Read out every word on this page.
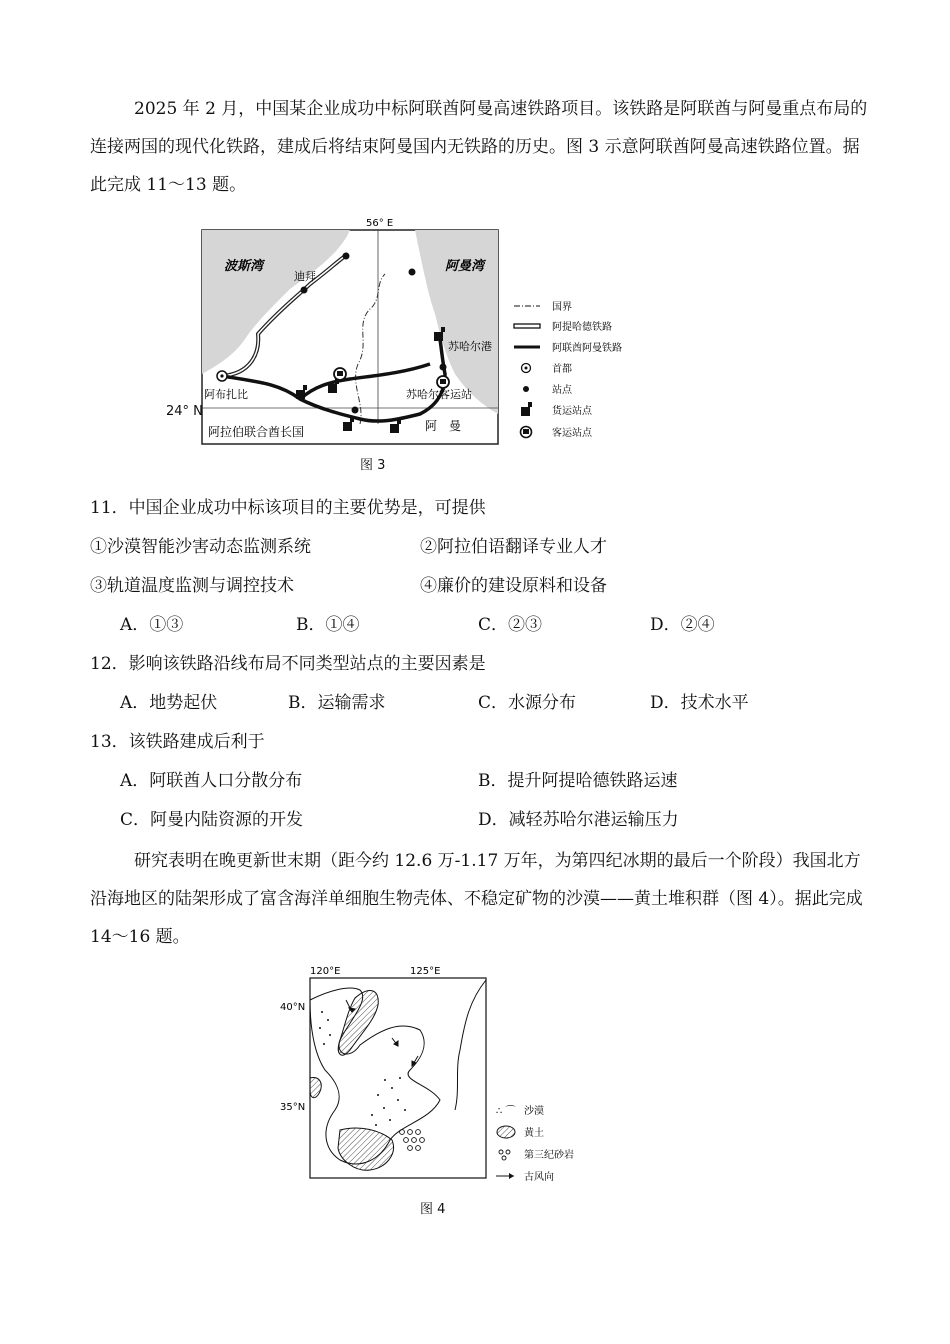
2025 年 2 月，中国某企业成功中标阿联酋阿曼高速铁路项目。该铁路是阿联酋与阿曼重点布局的连接两国的现代化铁路，建成后将结束阿曼国内无铁路的历史。图 3 示意阿联酋阿曼高速铁路位置。据此完成 11～13 题。
56° E
波斯湾	阿曼湾
迪拜
阿布扎比
苏哈尔港
苏哈尔客运站
阿拉伯联合酋长国	阿　曼
国界
阿提哈德铁路
阿联酋阿曼铁路
首都
站点
货运站点
客运站点
24° N
图 3
11．中国企业成功中标该项目的主要优势是，可提供
①沙漠智能沙害动态监测系统	②阿拉伯语翻译专业人才
③轨道温度监测与调控技术	④廉价的建设原料和设备
A．①③	B．①④	C．②③	D．②④
12．影响该铁路沿线布局不同类型站点的主要因素是
A．地势起伏	B．运输需求	C．水源分布	D．技术水平
13．该铁路建成后利于
A．阿联酋人口分散分布	B．提升阿提哈德铁路运速
C．阿曼内陆资源的开发	D．减轻苏哈尔港运输压力
研究表明在晚更新世末期（距今约 12.6 万-1.17 万年，为第四纪冰期的最后一个阶段）我国北方沿海地区的陆架形成了富含海洋单细胞生物壳体、不稳定矿物的沙漠——黄土堆积群（图 4）。据此完成 14～16 题。
120°E	125°E
40°N
35°N	∴ ⌒ 沙漠
黄土
第三纪砂岩
古风向
图 4
